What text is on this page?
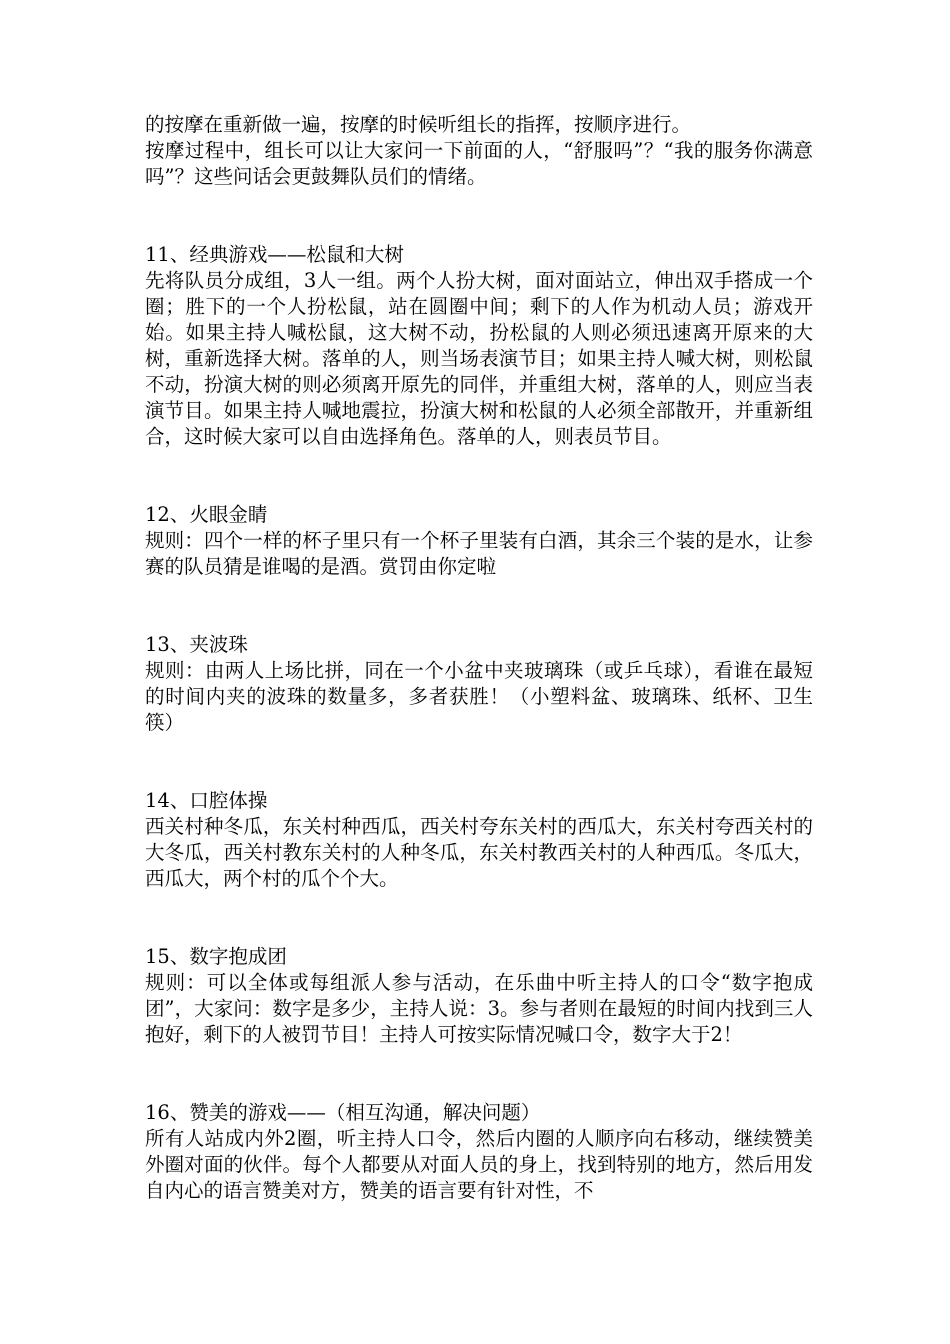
的按摩在重新做一遍，按摩的时候听组长的指挥，按顺序进行。

按摩过程中，组长可以让大家问一下前面的人，“舒服吗”？“我的服务你满意吗”？这些问话会更鼓舞队员们的情绪。

11、经典游戏——松鼠和大树

先将队员分成组，3人一组。两个人扮大树，面对面站立，伸出双手搭成一个圈；胜下的一个人扮松鼠，站在圆圈中间；剩下的人作为机动人员；游戏开始。如果主持人喊松鼠，这大树不动，扮松鼠的人则必须迅速离开原来的大树，重新选择大树。落单的人，则当场表演节目；如果主持人喊大树，则松鼠不动，扮演大树的则必须离开原先的同伴，并重组大树，落单的人，则应当表演节目。如果主持人喊地震拉，扮演大树和松鼠的人必须全部散开，并重新组合，这时候大家可以自由选择角色。落单的人，则表员节目。

12、火眼金睛

规则：四个一样的杯子里只有一个杯子里装有白酒，其余三个装的是水，让参赛的队员猜是谁喝的是酒。赏罚由你定啦

13、夹波珠

规则：由两人上场比拼，同在一个小盆中夹玻璃珠（或乒乓球），看谁在最短的时间内夹的波珠的数量多，多者获胜！（小塑料盆、玻璃珠、纸杯、卫生筷）

14、口腔体操

西关村种冬瓜，东关村种西瓜，西关村夸东关村的西瓜大，东关村夸西关村的大冬瓜，西关村教东关村的人种冬瓜，东关村教西关村的人种西瓜。冬瓜大，西瓜大，两个村的瓜个个大。

15、数字抱成团

规则：可以全体或每组派人参与活动，在乐曲中听主持人的口令“数字抱成团”，大家问：数字是多少，主持人说：3。参与者则在最短的时间内找到三人抱好，剩下的人被罚节目！主持人可按实际情况喊口令，数字大于2！

16、赞美的游戏——（相互沟通，解决问题）

所有人站成内外2圈，听主持人口令，然后内圈的人顺序向右移动，继续赞美外圈对面的伙伴。每个人都要从对面人员的身上，找到特别的地方，然后用发自内心的语言赞美对方，赞美的语言要有针对性，不
